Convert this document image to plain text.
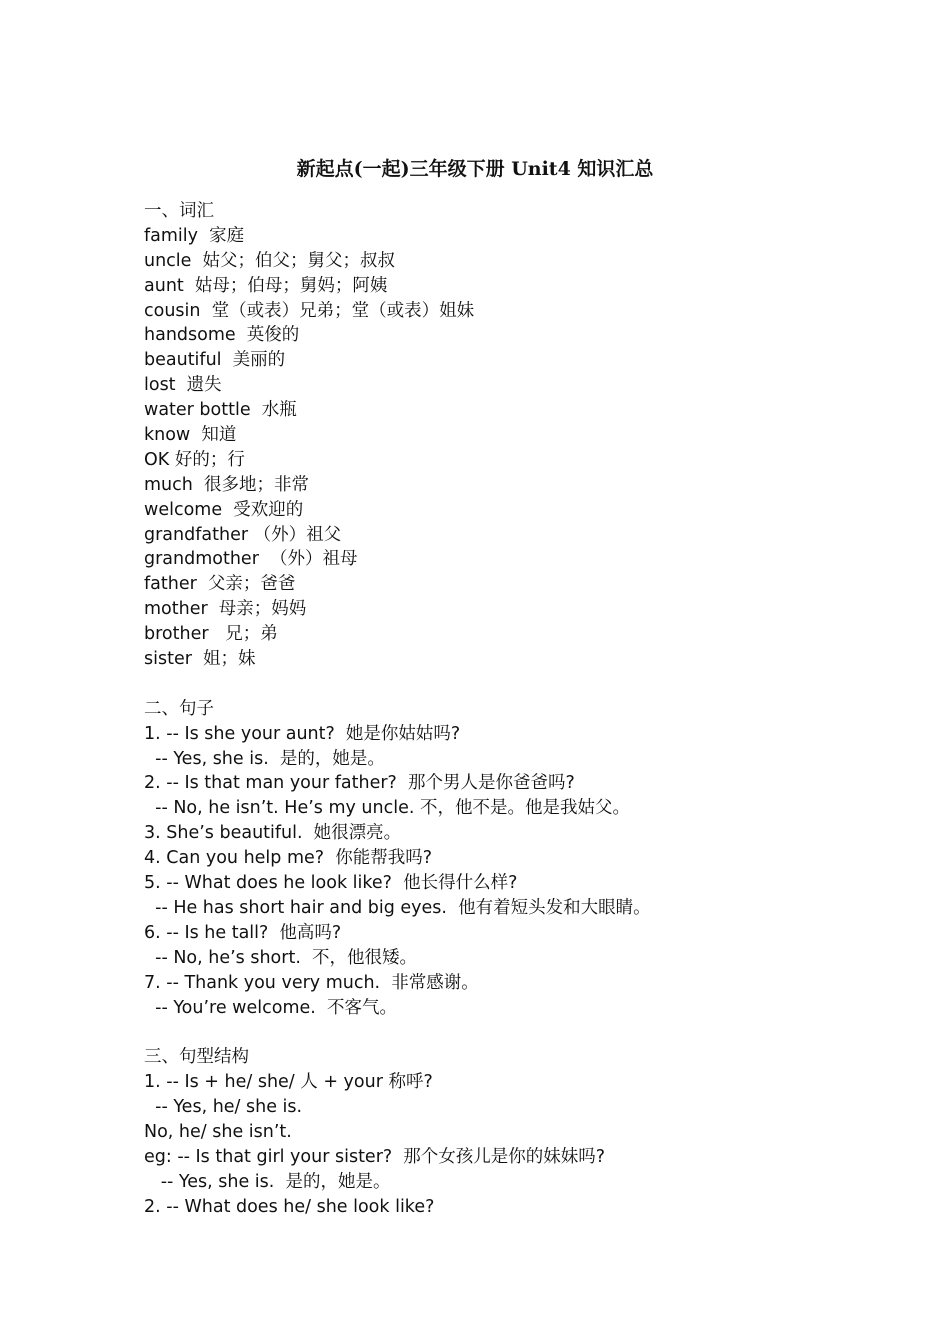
新起点(一起)三年级下册 Unit4 知识汇总
一、词汇
family  家庭
uncle  姑父；伯父；舅父；叔叔
aunt  姑母；伯母；舅妈；阿姨
cousin  堂（或表）兄弟；堂（或表）姐妹
handsome  英俊的
beautiful  美丽的
lost  遗失
water bottle  水瓶
know  知道
OK 好的；行
much  很多地；非常
welcome  受欢迎的
grandfather （外）祖父
grandmother  （外）祖母
father  父亲；爸爸
mother  母亲；妈妈
brother   兄；弟
sister  姐；妹
二、句子
1. -- Is she your aunt?  她是你姑姑吗?
-- Yes, she is.  是的，她是。
2. -- Is that man your father?  那个男人是你爸爸吗?
-- No, he isn’t. He’s my uncle. 不，他不是。他是我姑父。
3. She’s beautiful.  她很漂亮。
4. Can you help me?  你能帮我吗?
5. -- What does he look like?  他长得什么样?
-- He has short hair and big eyes.  他有着短头发和大眼睛。
6. -- Is he tall?  他高吗?
-- No, he’s short.  不，他很矮。
7. -- Thank you very much.  非常感谢。
-- You’re welcome.  不客气。
三、句型结构
1. -- Is + he/ she/ 人 + your 称呼?
-- Yes, he/ she is.
No, he/ she isn’t.
eg: -- Is that girl your sister?  那个女孩儿是你的妹妹吗?
-- Yes, she is.  是的，她是。
2. -- What does he/ she look like?
